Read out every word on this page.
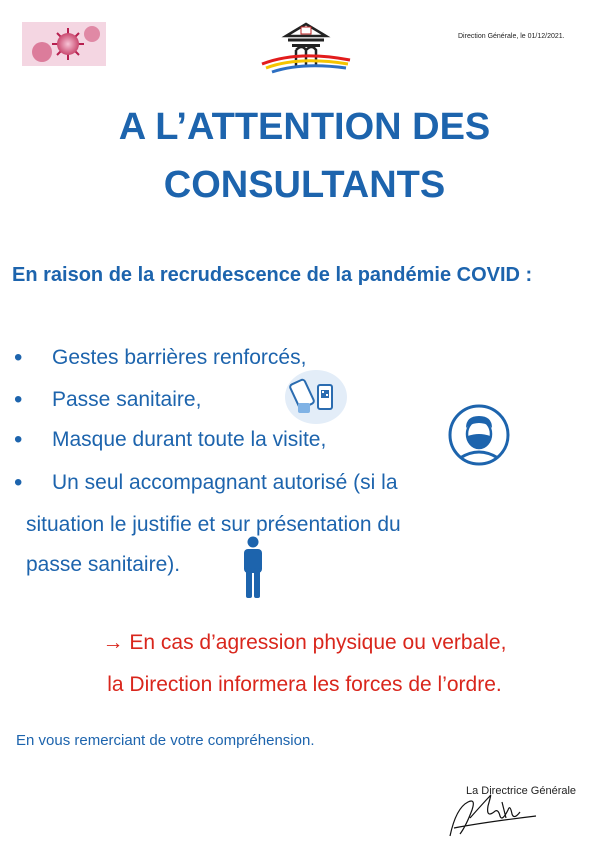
Direction Générale, le 01/12/2021.
A L’ATTENTION DES
CONSULTANTS
En raison de la recrudescence de la pandémie COVID :
• Gestes barrières renforcés,
• Passe sanitaire,
• Masque durant toute la visite,
• Un seul accompagnant autorisé (si la
situation le justifie et sur présentation du
passe sanitaire).
→ En cas d’agression physique ou verbale,
la Direction informera les forces de l’ordre.
En vous remerciant de votre compréhension.
La Directrice Générale
